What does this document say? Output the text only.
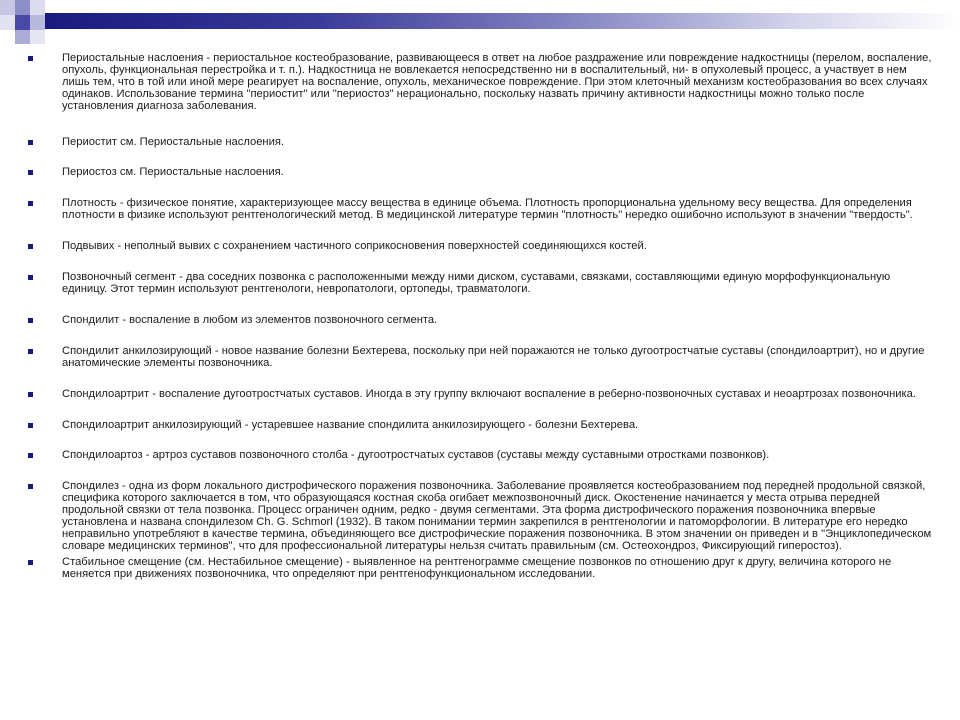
Периостальные наслоения - периостальное костеобразование, развивающееся в ответ на любое раздражение или повреждение надкостницы (перелом, воспаление, опухоль, функциональная перестройка и т. п.). Надкостница не вовлекается непосредственно ни в воспалительный, ни- в опухолевый процесс, а участвует в нем лишь тем, что в той или иной мере реагирует на воспаление, опухоль, механическое повреждение. При этом клеточный механизм костеобразования во всех случаях одинаков. Использование термина "периостит" или "периостоз" нерационально, поскольку назвать причину активности надкостницы можно только после установления диагноза заболевания.

Периостит см. Периостальные наслоения.

Периостоз см. Периостальные наслоения.

Плотность - физическое понятие, характеризующее массу вещества в единице объема. Плотность пропорциональна удельному весу вещества. Для определения плотности в физике используют рентгенологический метод. В медицинской литературе термин "плотность" нередко ошибочно используют в значении "твердость".

Подвывих - неполный вывих с сохранением частичного соприкосновения поверхностей соединяющихся костей.

Позвоночный сегмент - два соседних позвонка с расположенными между ними диском, суставами, связками, составляющими единую морфофункциональную единицу. Этот термин используют рентгенологи, невропатологи, ортопеды, травматологи.

Спондилит - воспаление в любом из элементов позвоночного сегмента.

Спондилит анкилозирующий - новое название болезни Бехтерева, поскольку при ней поражаются не только дугоотростчатые суставы (спондилоартрит), но и другие анатомические элементы позвоночника.

Спондилоартрит - воспаление дугоотростчатых суставов. Иногда в эту группу включают воспаление в реберно-позвоночных суставах и неоартрозах позвоночника.

Спондилоартрит анкилозирующий - устаревшее название спондилита анкилозирующего - болезни Бехтерева.

Спондилоартоз - артроз суставов позвоночного столба - дугоотростчатых суставов (суставы между суставными отростками позвонков).

Спондилез - одна из форм локального дистрофического поражения позвоночника. Заболевание проявляется костеобразованием под передней продольной связкой, специфика которого заключается в том, что образующаяся костная скоба огибает межпозвоночный диск. Окостенение начинается у места отрыва передней продольной связки от тела позвонка. Процесс ограничен одним, редко - двумя сегментами. Эта форма дистрофического поражения позвоночника впервые установлена и названа спондилезом Ch. G. Schmorl (1932). В таком понимании термин закрепился в рентгенологии и патоморфологии. В литературе его нередко неправильно употребляют в качестве термина, объединяющего все дистрофические поражения позвоночника. В этом значении он приведен и в "Энциклопедическом словаре медицинских терминов", что для профессиональной литературы нельзя считать правильным (см. Остеохондроз, Фиксирующий гиперостоз).

Стабильное смещение (см. Нестабильное смещение) - выявленное на рентгенограмме смещение позвонков по отношению друг к другу, величина которого не меняется при движениях позвоночника, что определяют при рентгенофункциональном исследовании.
